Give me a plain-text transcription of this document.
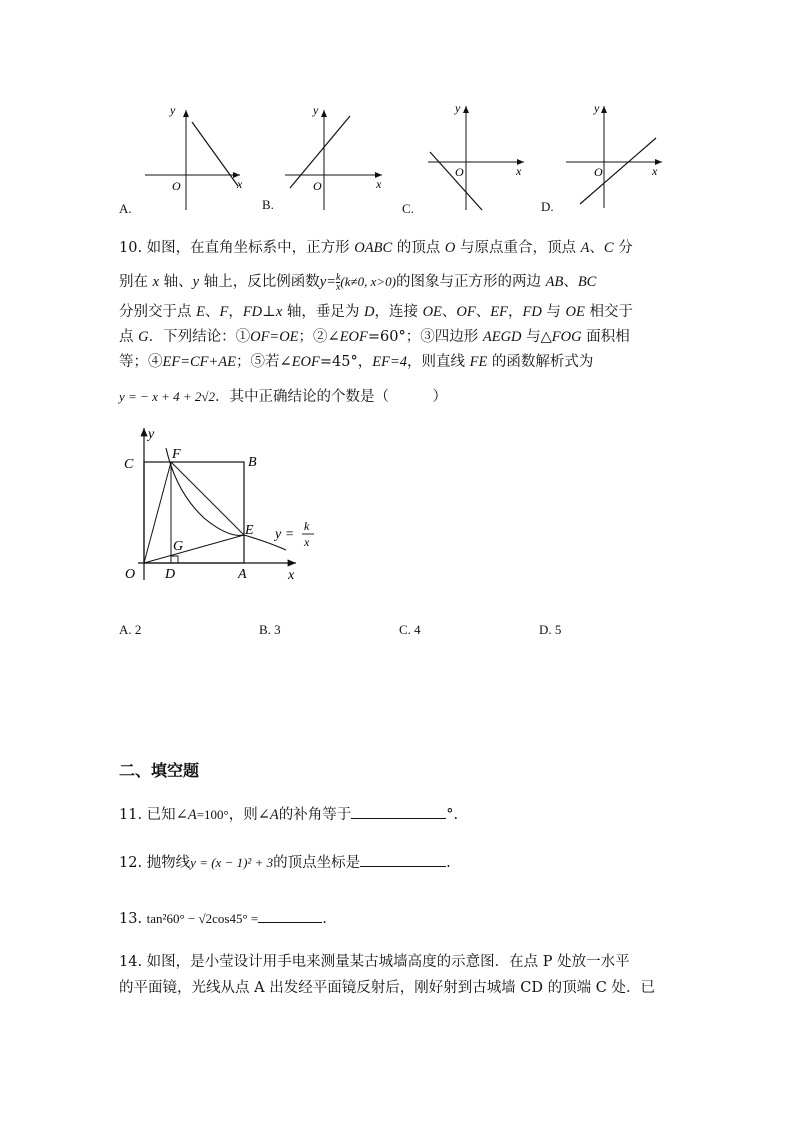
y
x
O
y
x
O
y
x
O
y
x
O
A.	B.	C.	D.
10. 如图，在直角坐标系中，正方形 OABC 的顶点 O 与原点重合，顶点 A、C 分
别在 x 轴、y 轴上，反比例函数$y= \frac{k}{x} (k\ne 0$, x>0)的图象与正方形的两边 AB、BC
分别交于点 E、F，FD⊥x 轴，垂足为 D，连接 OE、OF、EF，FD 与 OE 相交于
点 G．下列结论：①OF=OE；②∠EOF=60°；③四边形 AEGD 与△FOG 面积相
等；④EF=CF+AE；⑤若∠EOF=45°，EF=4，则直线 FE 的函数解析式为
y = − x + 4 + 2√2．其中正确结论的个数是（　　　）
y
C
F
B
E
G
O D	A	x
y =
k
x
A. 2	B. 3	C. 4	D. 5
二、填空题
11. 已知∠A=100°，则∠A的补角等于	°.
12. 抛物线y = (x − 1)² + 3的顶点坐标是	.
13. tan²60° − √2cos45° =	.
14. 如图，是小莹设计用手电来测量某古城墙高度的示意图．在点 P 处放一水平
的平面镜，光线从点 A 出发经平面镜反射后，刚好射到古城墙 CD 的顶端 C 处．已
